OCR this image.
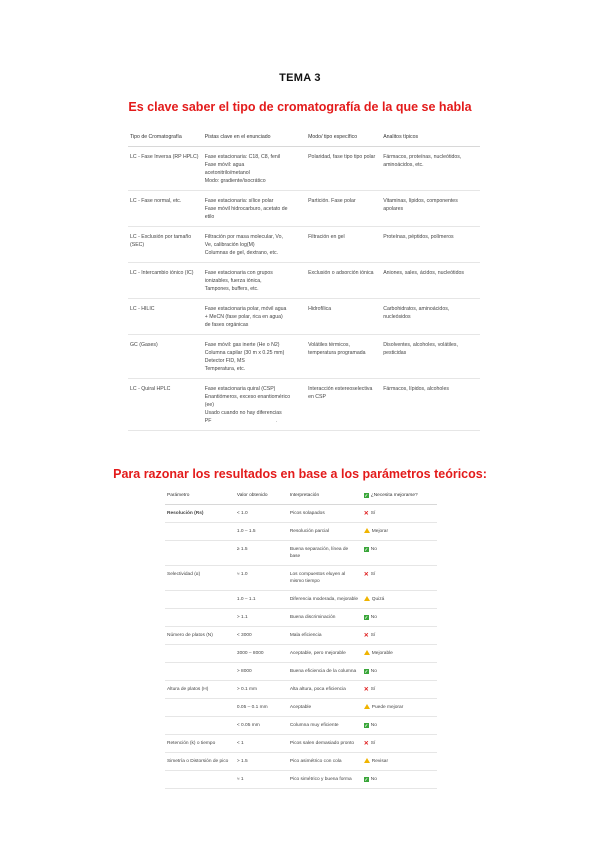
TEMA 3
Es clave saber el tipo de cromatografía de la que se habla
Tipo de Cromatografía	Pistas clave en el enunciado	Modo/ tipo específico	Analitos típicos
LC - Fase Inversa (RP HPLC)	Fase estacionaria: C18, C8, fenil
Fase móvil: agua
acetonitrilo/metanol
Modo: gradiente/isocrático	Polaridad, fase tipo tipo polar	Fármacos, proteínas, nucleótidos, aminoácidos, etc.
LC - Fase normal, etc.	Fase estacionaria: sílice polar
Fase móvil hidrocarburo, acetato de
etilo	Partición. Fase polar	Vitaminas, lípidos, componentes apolares
LC - Exclusión por tamaño (SEC)	Filtración por masa molecular, Vo,
Ve, calibración log(M)
Columnas de gel, dextrano, etc.	Filtración en gel	Proteínas, péptidos, polímeros
LC - Intercambio iónico (IC)	Fase estacionaria con grupos
ionizables, fuerza iónica,
Tampones, buffers, etc.	Exclusión o adsorción iónica	Aniones, sales, ácidos, nucleótidos
LC - HILIC	Fase estacionaria polar, móvil agua
+ MeCN (fase polar, rica en agua)
de fases orgánicas	Hidrofílica	Carbohidratos, aminoácidos, nucleósidos
GC (Gases)	Fase móvil: gas inerte (He o N2)
Columna capilar (30 m x 0.25 mm)
Detector FID, MS
Temperatura, etc.	Volátiles térmicos, temperatura programada	Disolventes, alcoholes, volátiles, pesticidas
LC - Quiral HPLC	Fase estacionaria quiral (CSP)
Enantiómeros, exceso enantiomérico
(ee)
Usado cuando no hay diferencias
PF	Interacción estereoselectiva en CSP	Fármacos, lípidos, alcoholes
.
Para razonar los resultados en base a los parámetros teóricos:
Parámetro	Valor obtenido	Interpretación	✓ ¿Necesita mejorarse?
Resolución (Rs)	< 1.0	Picos solapados	✕ Sí
	1.0 – 1.5	Resolución parcial	Mejorar
	≥ 1.5	Buena separación, línea de base	✓ No
Selectividad (α)	≈ 1.0	Los compuestos eluyen al mismo tiempo	✕ Sí
	1.0 – 1.1	Diferencia moderada, mejorable	Quizá
	> 1.1	Buena discriminación	✓ No
Número de platos (N)	< 3000	Mala eficiencia	✕ Sí
	3000 – 8000	Aceptable, pero mejorable	Mejorable
	> 8000	Buena eficiencia de la columna	✓ No
Altura de platos (H)	> 0.1 mm	Alta altura, poca eficiencia	✕ Sí
	0.05 – 0.1 mm	Aceptable	Puede mejorar
	< 0.05 mm	Columna muy eficiente	✓ No
Retención (k) o tiempo	< 1	Picos salen demasiado pronto	✕ Sí
Simetría o Distorsión de pico	> 1.5	Pico asimétrico con cola	Revisar
	≈ 1	Pico simétrico y buena forma	✓ No
